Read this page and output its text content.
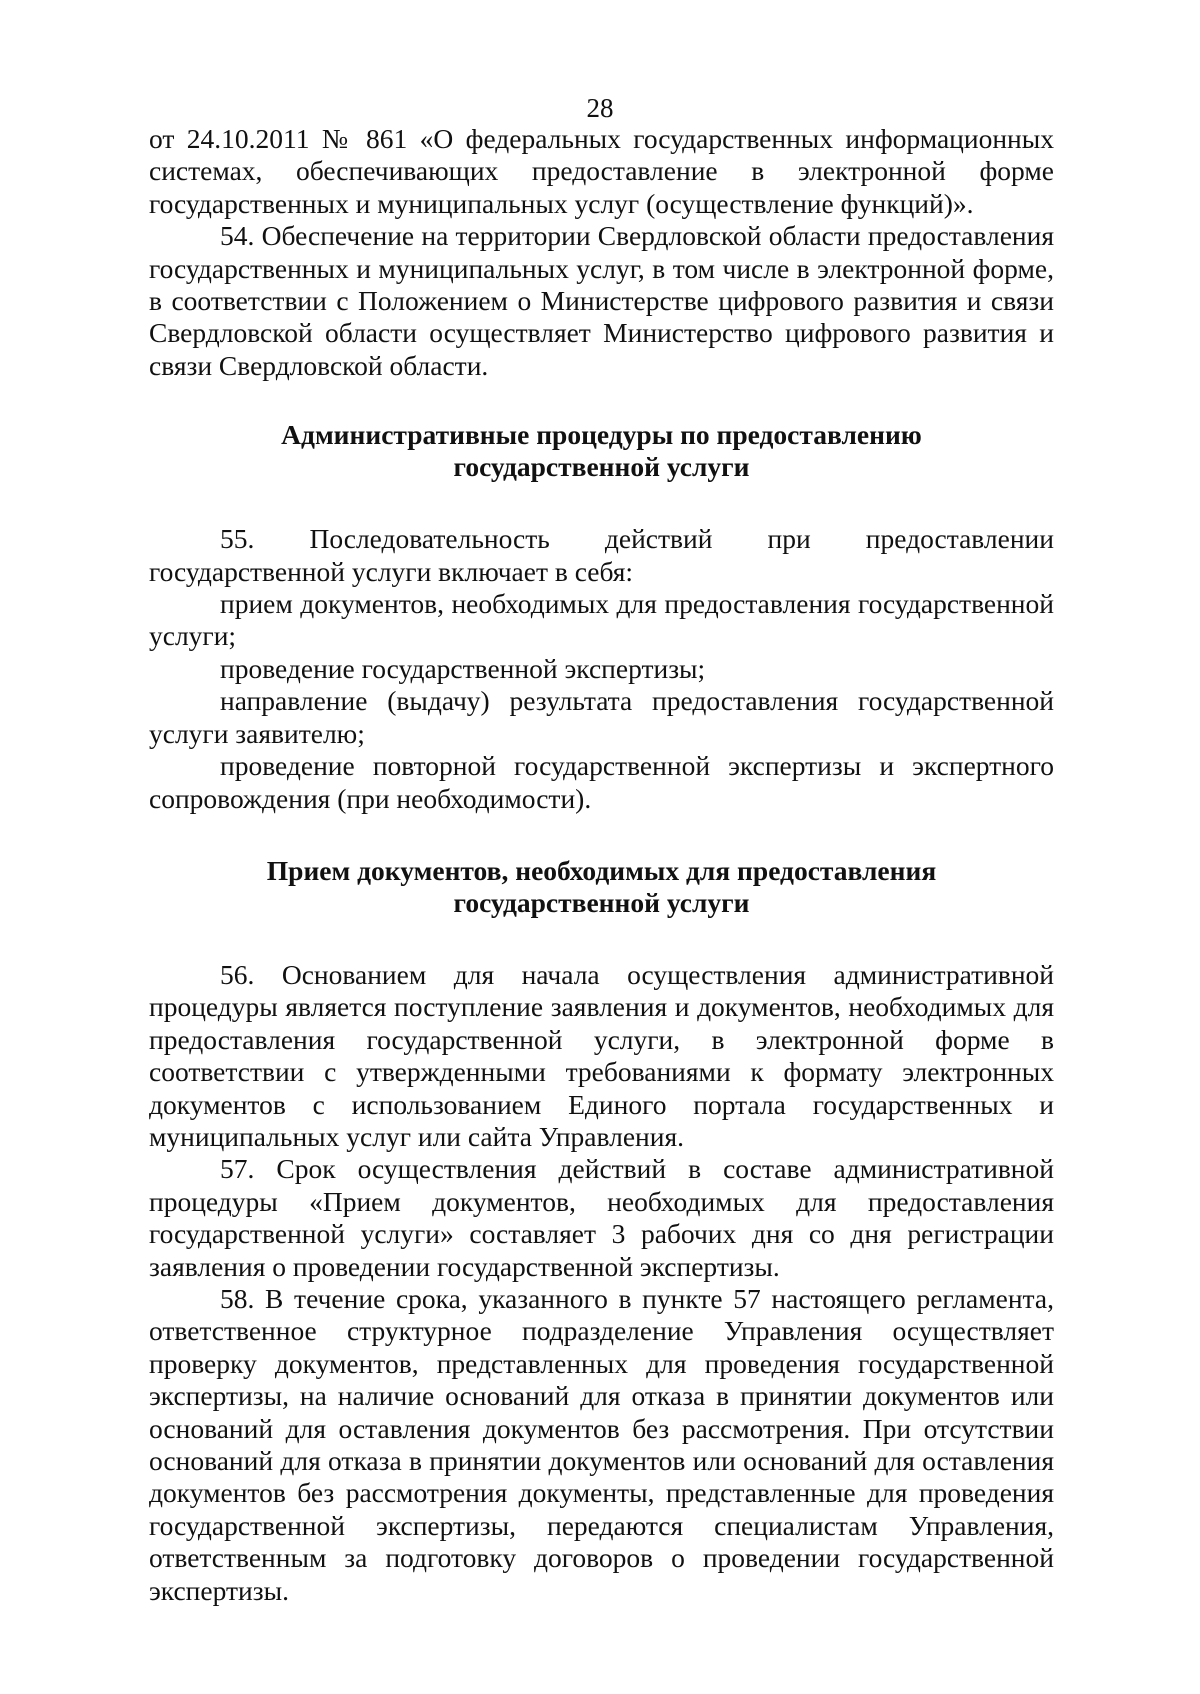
28

от 24.10.2011 № 861 «О федеральных государственных информационных системах, обеспечивающих предоставление в электронной форме государственных и муниципальных услуг (осуществление функций)».

54. Обеспечение на территории Свердловской области предоставления государственных и муниципальных услуг, в том числе в электронной форме, в соответствии с Положением о Министерстве цифрового развития и связи Свердловской области осуществляет Министерство цифрового развития и связи Свердловской области.

Административные процедуры по предоставлению
государственной услуги

55. Последовательность действий при предоставлении государственной услуги включает в себя:

прием документов, необходимых для предоставления государственной услуги;

проведение государственной экспертизы;

направление (выдачу) результата предоставления государственной услуги заявителю;

проведение повторной государственной экспертизы и экспертного сопровождения (при необходимости).

Прием документов, необходимых для предоставления
государственной услуги

56. Основанием для начала осуществления административной процедуры является поступление заявления и документов, необходимых для предоставления государственной услуги, в электронной форме в соответствии с утвержденными требованиями к формату электронных документов с использованием Единого портала государственных и муниципальных услуг или сайта Управления.

57. Срок осуществления действий в составе административной процедуры «Прием документов, необходимых для предоставления государственной услуги» составляет 3 рабочих дня со дня регистрации заявления о проведении государственной экспертизы.

58. В течение срока, указанного в пункте 57 настоящего регламента, ответственное структурное подразделение Управления осуществляет проверку документов, представленных для проведения государственной экспертизы, на наличие оснований для отказа в принятии документов или оснований для оставления документов без рассмотрения. При отсутствии оснований для отказа в принятии документов или оснований для оставления документов без рассмотрения документы, представленные для проведения государственной экспертизы, передаются специалистам Управления, ответственным за подготовку договоров о проведении государственной экспертизы.
